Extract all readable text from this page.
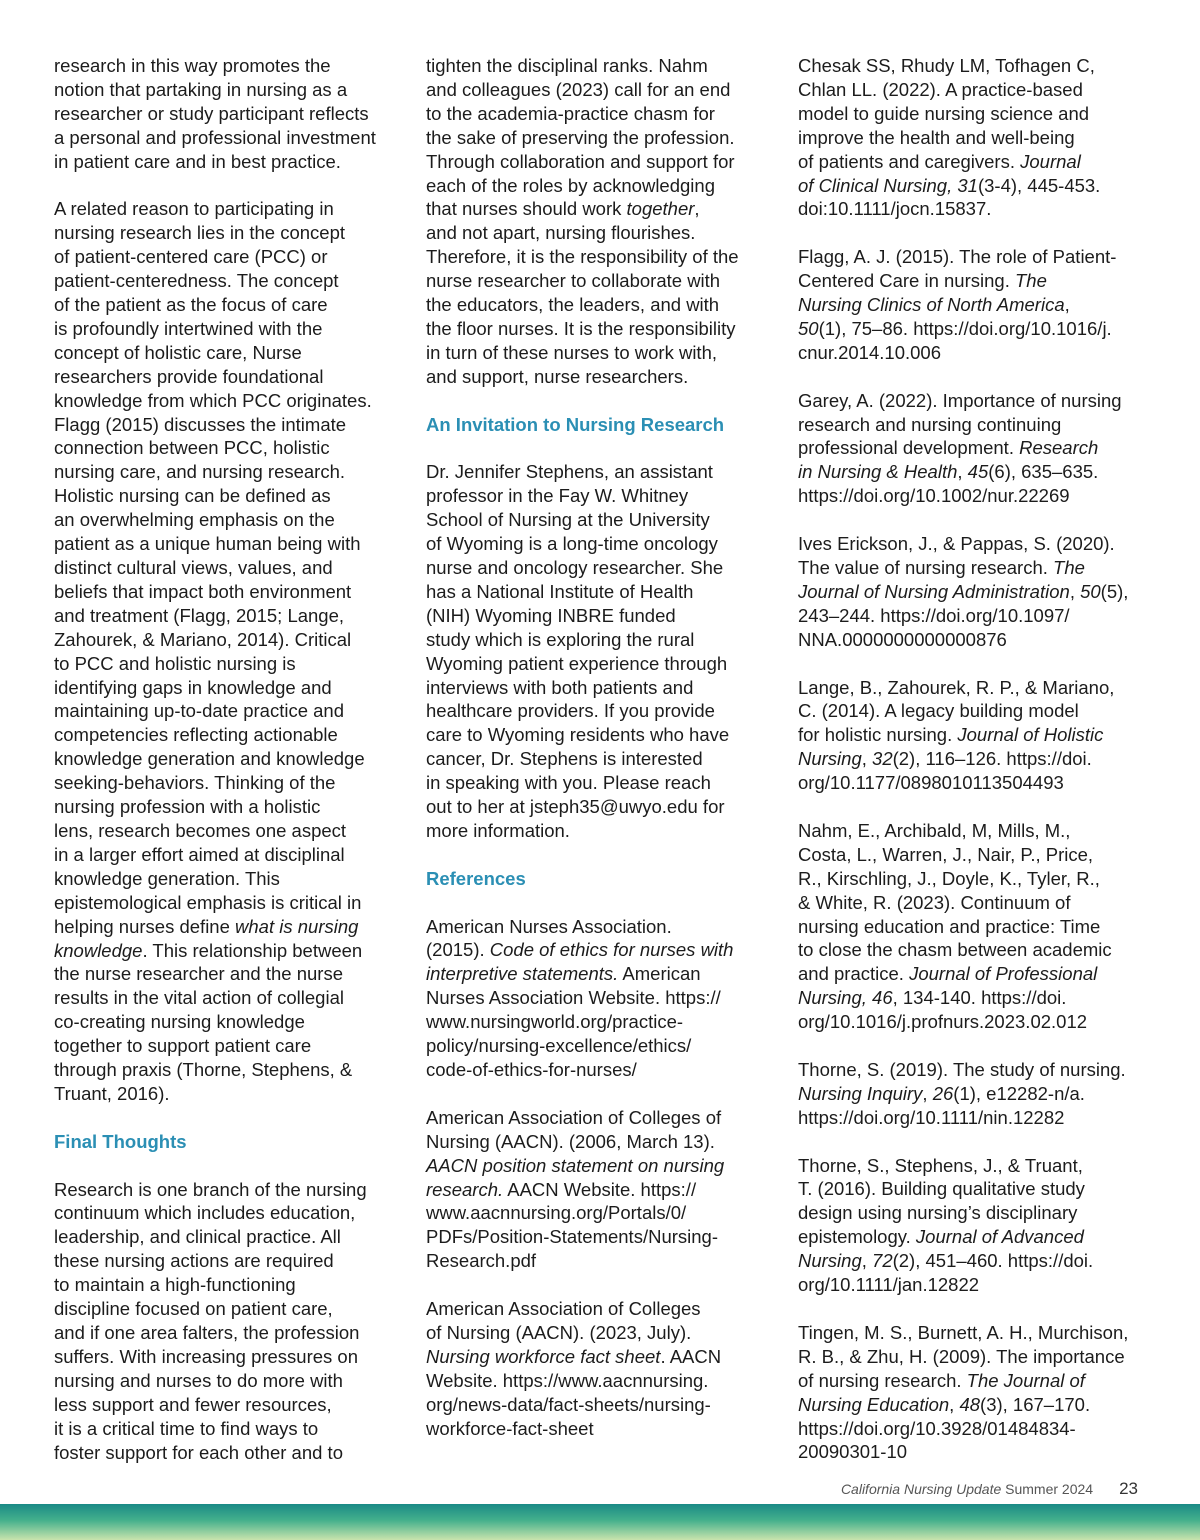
research in this way promotes the
notion that partaking in nursing as a
researcher or study participant reflects
a personal and professional investment
in patient care and in best practice.

A related reason to participating in
nursing research lies in the concept
of patient-centered care (PCC) or
patient-centeredness. The concept
of the patient as the focus of care
is profoundly intertwined with the
concept of holistic care, Nurse
researchers provide foundational
knowledge from which PCC originates.
Flagg (2015) discusses the intimate
connection between PCC, holistic
nursing care, and nursing research.
Holistic nursing can be defined as
an overwhelming emphasis on the
patient as a unique human being with
distinct cultural views, values, and
beliefs that impact both environment
and treatment (Flagg, 2015; Lange,
Zahourek, & Mariano, 2014). Critical
to PCC and holistic nursing is
identifying gaps in knowledge and
maintaining up-to-date practice and
competencies reflecting actionable
knowledge generation and knowledge
seeking-behaviors. Thinking of the
nursing profession with a holistic
lens, research becomes one aspect
in a larger effort aimed at disciplinal
knowledge generation. This
epistemological emphasis is critical in
helping nurses define what is nursing
knowledge. This relationship between
the nurse researcher and the nurse
results in the vital action of collegial
co-creating nursing knowledge
together to support patient care
through praxis (Thorne, Stephens, &
Truant, 2016).

Final Thoughts

Research is one branch of the nursing
continuum which includes education,
leadership, and clinical practice. All
these nursing actions are required
to maintain a high-functioning
discipline focused on patient care,
and if one area falters, the profession
suffers. With increasing pressures on
nursing and nurses to do more with
less support and fewer resources,
it is a critical time to find ways to
foster support for each other and to

tighten the disciplinal ranks. Nahm
and colleagues (2023) call for an end
to the academia-practice chasm for
the sake of preserving the profession.
Through collaboration and support for
each of the roles by acknowledging
that nurses should work together,
and not apart, nursing flourishes.
Therefore, it is the responsibility of the
nurse researcher to collaborate with
the educators, the leaders, and with
the floor nurses. It is the responsibility
in turn of these nurses to work with,
and support, nurse researchers.

An Invitation to Nursing Research

Dr. Jennifer Stephens, an assistant
professor in the Fay W. Whitney
School of Nursing at the University
of Wyoming is a long-time oncology
nurse and oncology researcher. She
has a National Institute of Health
(NIH) Wyoming INBRE funded
study which is exploring the rural
Wyoming patient experience through
interviews with both patients and
healthcare providers. If you provide
care to Wyoming residents who have
cancer, Dr. Stephens is interested
in speaking with you. Please reach
out to her at jsteph35@uwyo.edu for
more information.

References

American Nurses Association.
(2015). Code of ethics for nurses with
interpretive statements. American
Nurses Association Website. https://
www.nursingworld.org/practice-
policy/nursing-excellence/ethics/
code-of-ethics-for-nurses/

American Association of Colleges of
Nursing (AACN). (2006, March 13).
AACN position statement on nursing
research. AACN Website. https://
www.aacnnursing.org/Portals/0/
PDFs/Position-Statements/Nursing-
Research.pdf

American Association of Colleges
of Nursing (AACN). (2023, July).
Nursing workforce fact sheet. AACN
Website. https://www.aacnnursing.
org/news-data/fact-sheets/nursing-
workforce-fact-sheet

Chesak SS, Rhudy LM, Tofhagen C,
Chlan LL. (2022). A practice-based
model to guide nursing science and
improve the health and well-being
of patients and caregivers. Journal
of Clinical Nursing, 31(3-4), 445-453.
doi:10.1111/jocn.15837.

Flagg, A. J. (2015). The role of Patient-
Centered Care in nursing. The
Nursing Clinics of North America,
50(1), 75–86. https://doi.org/10.1016/j.
cnur.2014.10.006

Garey, A. (2022). Importance of nursing
research and nursing continuing
professional development. Research
in Nursing & Health, 45(6), 635–635.
https://doi.org/10.1002/nur.22269

Ives Erickson, J., & Pappas, S. (2020).
The value of nursing research. The
Journal of Nursing Administration, 50(5),
243–244. https://doi.org/10.1097/
NNA.0000000000000876

Lange, B., Zahourek, R. P., & Mariano,
C. (2014). A legacy building model
for holistic nursing. Journal of Holistic
Nursing, 32(2), 116–126. https://doi.
org/10.1177/0898010113504493

Nahm, E., Archibald, M, Mills, M.,
Costa, L., Warren, J., Nair, P., Price,
R., Kirschling, J., Doyle, K., Tyler, R.,
& White, R. (2023). Continuum of
nursing education and practice: Time
to close the chasm between academic
and practice. Journal of Professional
Nursing, 46, 134-140. https://doi.
org/10.1016/j.profnurs.2023.02.012

Thorne, S. (2019). The study of nursing.
Nursing Inquiry, 26(1), e12282-n/a.
https://doi.org/10.1111/nin.12282

Thorne, S., Stephens, J., & Truant,
T. (2016). Building qualitative study
design using nursing’s disciplinary
epistemology. Journal of Advanced
Nursing, 72(2), 451–460. https://doi.
org/10.1111/jan.12822

Tingen, M. S., Burnett, A. H., Murchison,
R. B., & Zhu, H. (2009). The importance
of nursing research. The Journal of
Nursing Education, 48(3), 167–170.
https://doi.org/10.3928/01484834-
20090301-10

California Nursing Update Summer 2024 23
